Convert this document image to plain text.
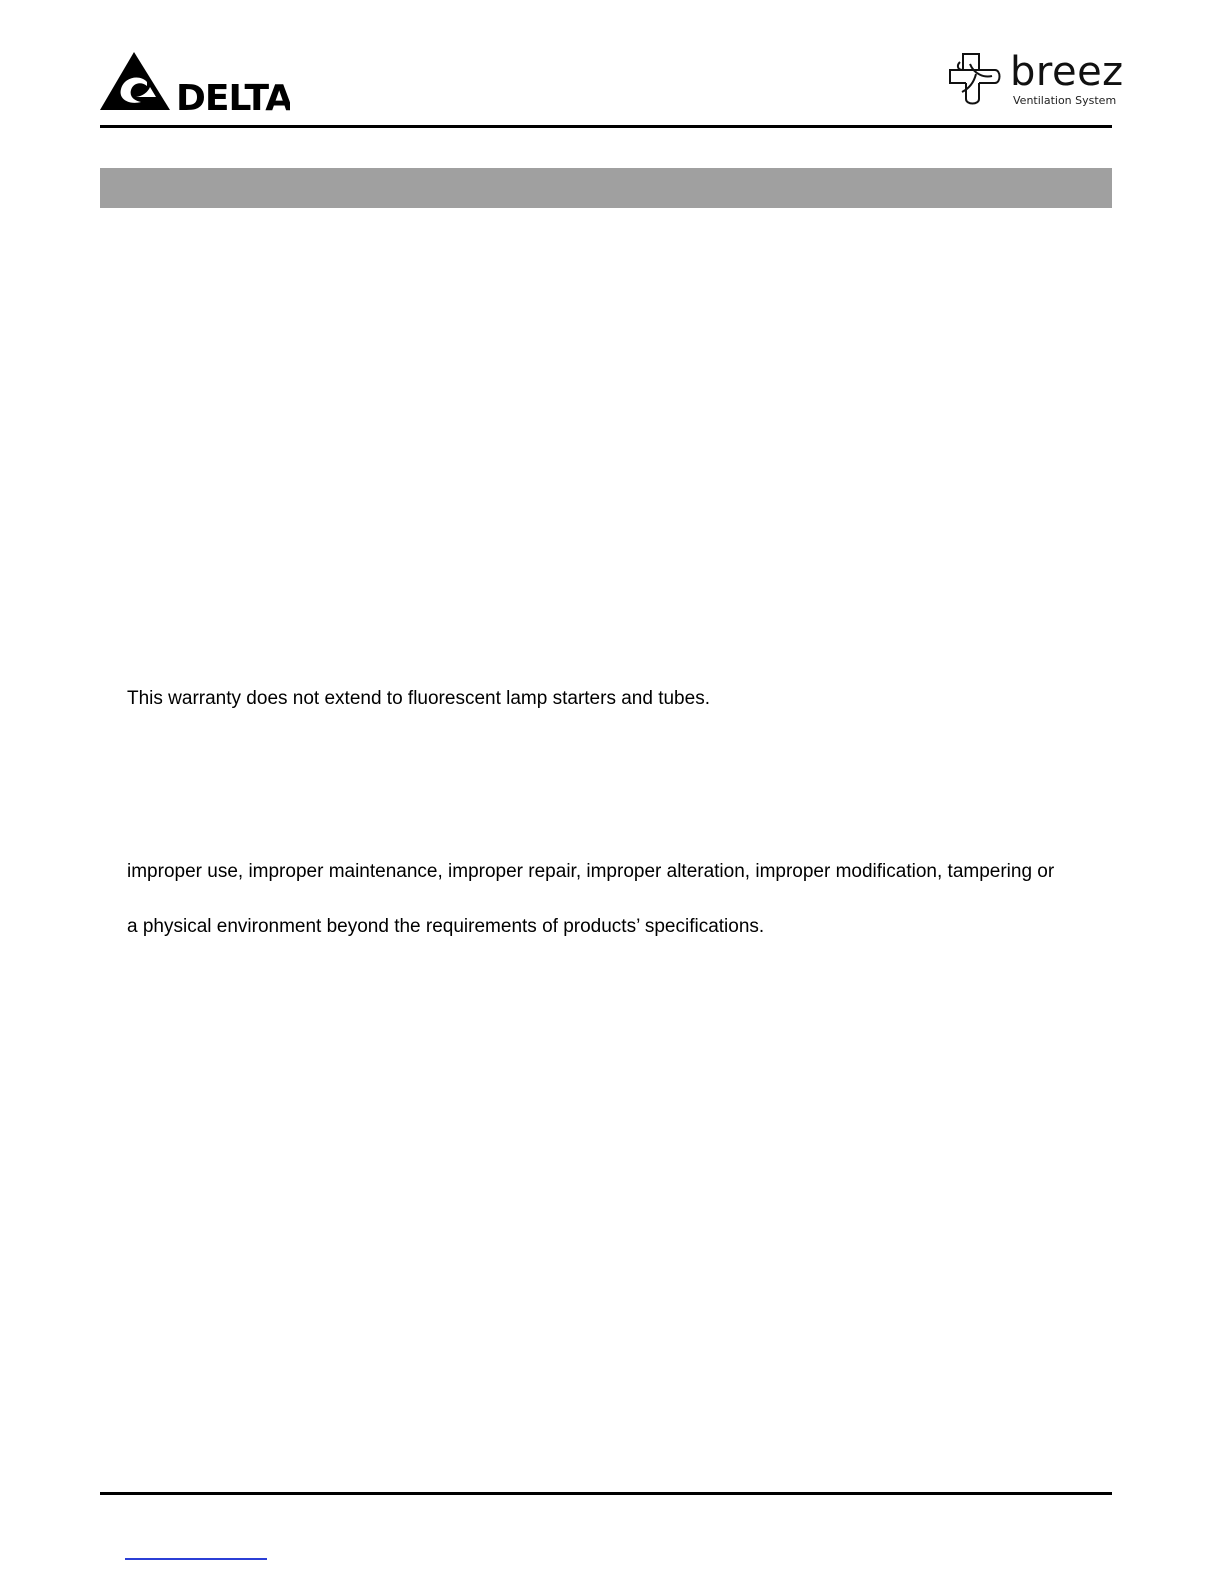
DELTA
breez
Ventilation System
This warranty does not extend to fluorescent lamp starters and tubes.
improper use, improper maintenance, improper repair, improper alteration, improper modification, tampering or
a physical environment beyond the requirements of products’ specifications.
